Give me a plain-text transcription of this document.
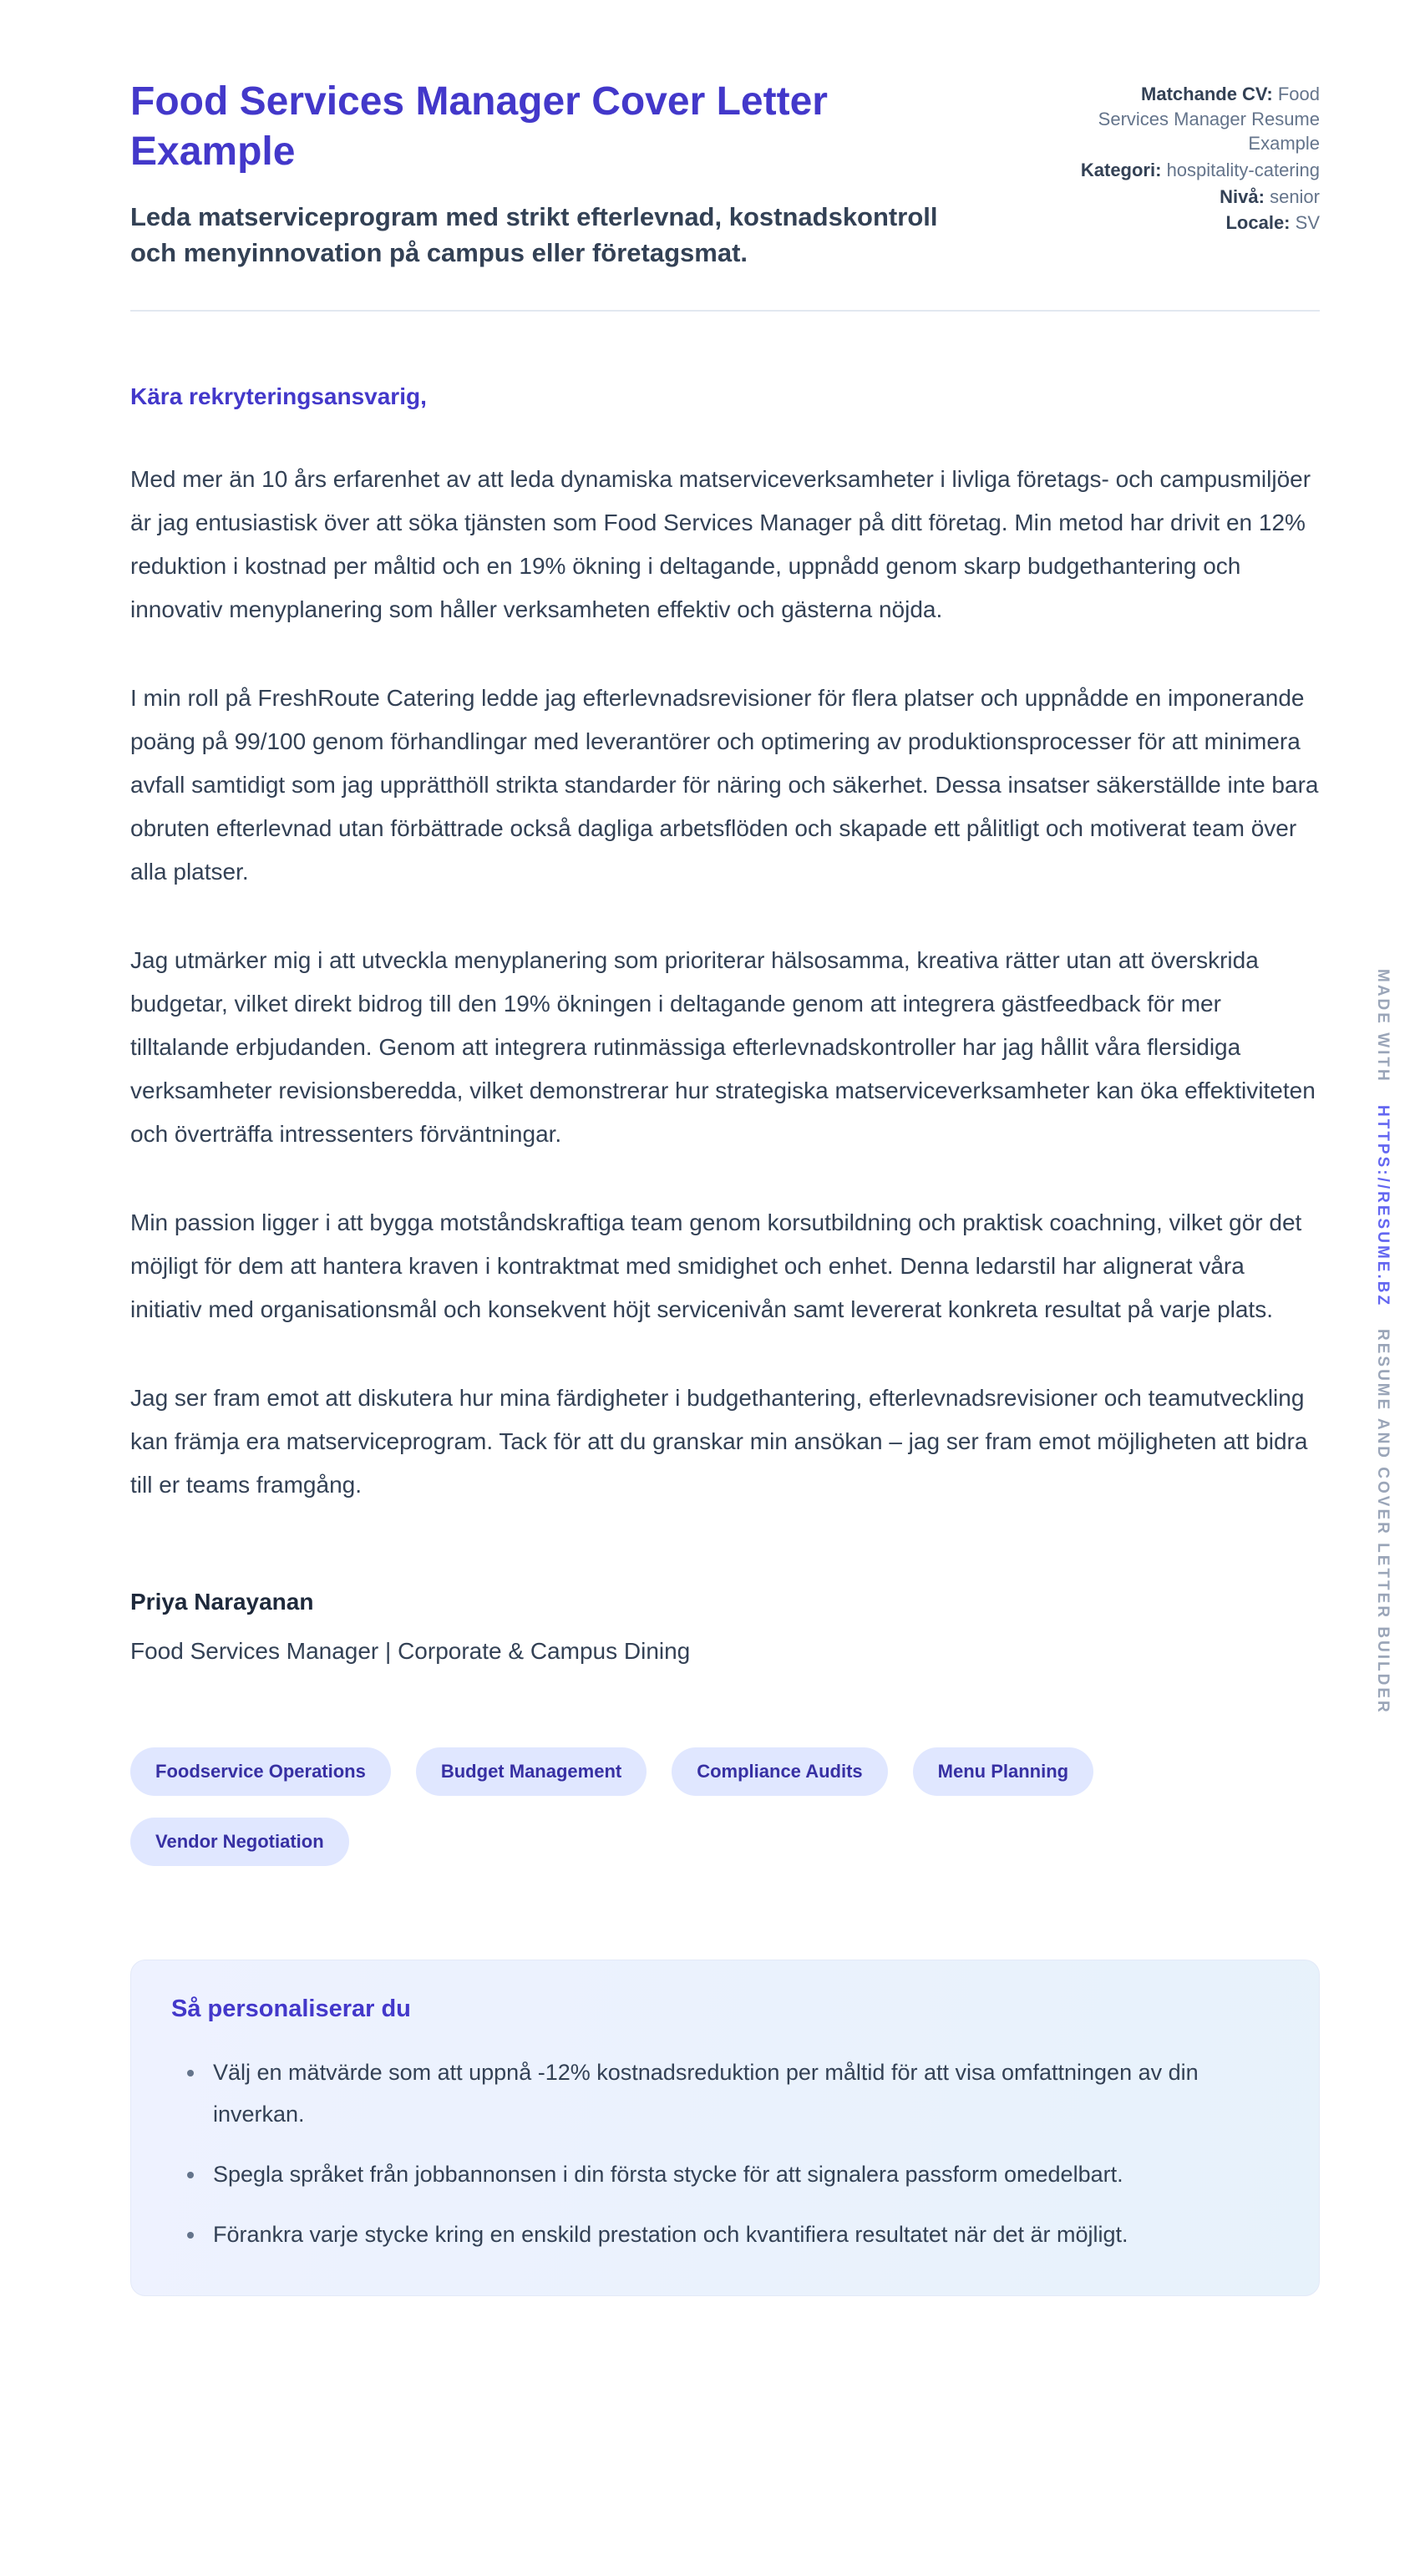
Food Services Manager Cover Letter Example

Leda matserviceprogram med strikt efterlevnad, kostnadskontroll och menyinnovation på campus eller företagsmat.

Matchande CV: Food Services Manager Resume Example
Kategori: hospitality-catering
Nivå: senior
Locale: SV

Kära rekryteringsansvarig,

Med mer än 10 års erfarenhet av att leda dynamiska matserviceverksamheter i livliga företags- och campusmiljöer är jag entusiastisk över att söka tjänsten som Food Services Manager på ditt företag. Min metod har drivit en 12% reduktion i kostnad per måltid och en 19% ökning i deltagande, uppnådd genom skarp budgethantering och innovativ menyplanering som håller verksamheten effektiv och gästerna nöjda.

I min roll på FreshRoute Catering ledde jag efterlevnadsrevisioner för flera platser och uppnådde en imponerande poäng på 99/100 genom förhandlingar med leverantörer och optimering av produktionsprocesser för att minimera avfall samtidigt som jag upprätthöll strikta standarder för näring och säkerhet. Dessa insatser säkerställde inte bara obruten efterlevnad utan förbättrade också dagliga arbetsflöden och skapade ett pålitligt och motiverat team över alla platser.

Jag utmärker mig i att utveckla menyplanering som prioriterar hälsosamma, kreativa rätter utan att överskrida budgetar, vilket direkt bidrog till den 19% ökningen i deltagande genom att integrera gästfeedback för mer tilltalande erbjudanden. Genom att integrera rutinmässiga efterlevnadskontroller har jag hållit våra flersidiga verksamheter revisionsberedda, vilket demonstrerar hur strategiska matserviceverksamheter kan öka effektiviteten och överträffa intressenters förväntningar.

Min passion ligger i att bygga motståndskraftiga team genom korsutbildning och praktisk coachning, vilket gör det möjligt för dem att hantera kraven i kontraktmat med smidighet och enhet. Denna ledarstil har alignerat våra initiativ med organisationsmål och konsekvent höjt servicenivån samt levererat konkreta resultat på varje plats.

Jag ser fram emot att diskutera hur mina färdigheter i budgethantering, efterlevnadsrevisioner och teamutveckling kan främja era matserviceprogram. Tack för att du granskar min ansökan – jag ser fram emot möjligheten att bidra till er teams framgång.

Priya Narayanan

Food Services Manager | Corporate & Campus Dining

Foodservice Operations	Budget Management	Compliance Audits	Menu Planning
Vendor Negotiation
Så personaliserar du
• Välj en mätvärde som att uppnå -12% kostnadsreduktion per måltid för att visa omfattningen av din inverkan.
• Spegla språket från jobbannonsen i din första stycke för att signalera passform omedelbart.
• Förankra varje stycke kring en enskild prestation och kvantifiera resultatet när det är möjligt.
MADE WITH
HTTPS://RESUME.BZ
RESUME AND COVER LETTER BUILDER
